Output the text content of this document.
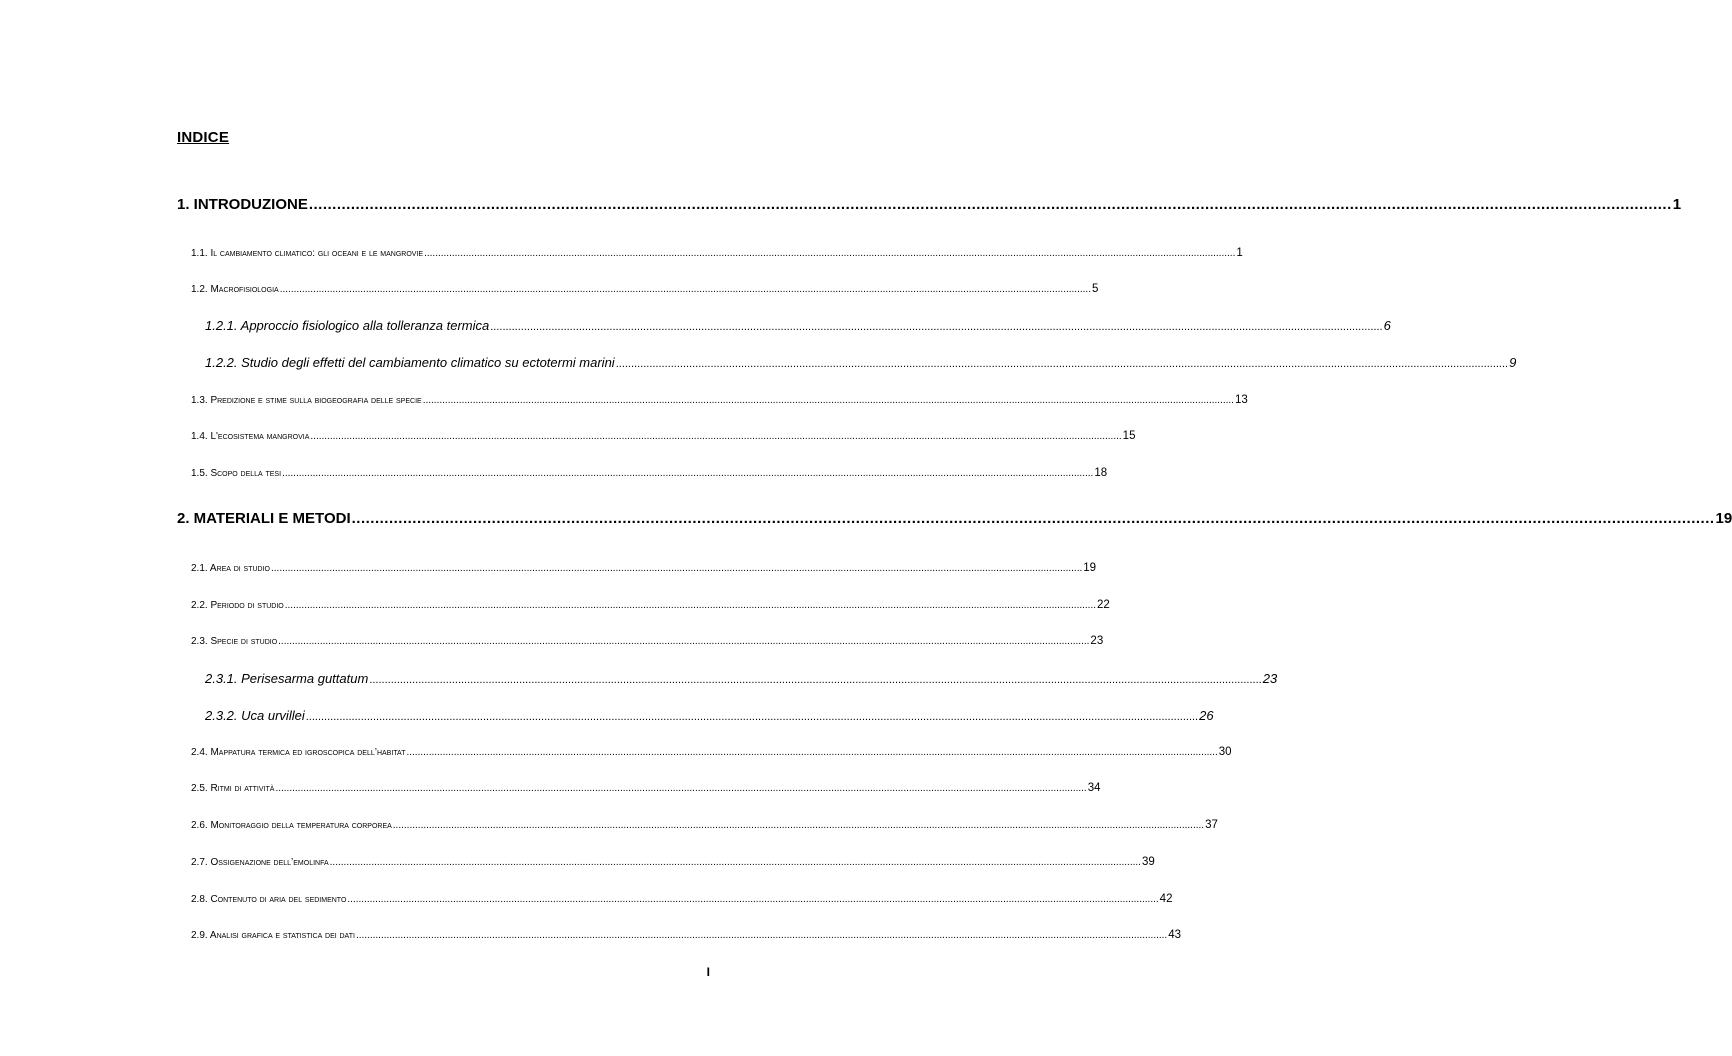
INDICE
1. INTRODUZIONE .................................................................................................................................................................................................................................................................................................... 1
1.1. Il cambiamento climatico: gli oceani e le mangrovie .................................................................................................................................................................................................................................................................................................... 1
1.2. Macrofisiologia .................................................................................................................................................................................................................................................................................................... 5
1.2.1. Approccio fisiologico alla tolleranza termica .................................................................................................................................................................................................................................................................................................... 6
1.2.2. Studio degli effetti del cambiamento climatico su ectotermi marini .................................................................................................................................................................................................................................................................................................... 9
1.3. Predizione e stime sulla biogeografia delle specie .................................................................................................................................................................................................................................................................................................... 13
1.4. L'ecosistema mangrovia .................................................................................................................................................................................................................................................................................................... 15
1.5. Scopo della tesi .................................................................................................................................................................................................................................................................................................... 18
2. MATERIALI E METODI .................................................................................................................................................................................................................................................................................................... 19
2.1. Area di studio .................................................................................................................................................................................................................................................................................................... 19
2.2. Periodo di studio .................................................................................................................................................................................................................................................................................................... 22
2.3. Specie di studio .................................................................................................................................................................................................................................................................................................... 23
2.3.1. Perisesarma guttatum .................................................................................................................................................................................................................................................................................................... 23
2.3.2. Uca urvillei .................................................................................................................................................................................................................................................................................................... 26
2.4. Mappatura termica ed igroscopica dell’habitat .................................................................................................................................................................................................................................................................................................... 30
2.5. Ritmi di attività .................................................................................................................................................................................................................................................................................................... 34
2.6. Monitoraggio della temperatura corporea .................................................................................................................................................................................................................................................................................................... 37
2.7. Ossigenazione dell’emolinfa .................................................................................................................................................................................................................................................................................................... 39
2.8. Contenuto di aria del sedimento .................................................................................................................................................................................................................................................................................................... 42
2.9. Analisi grafica e statistica dei dati .................................................................................................................................................................................................................................................................................................... 43
I
